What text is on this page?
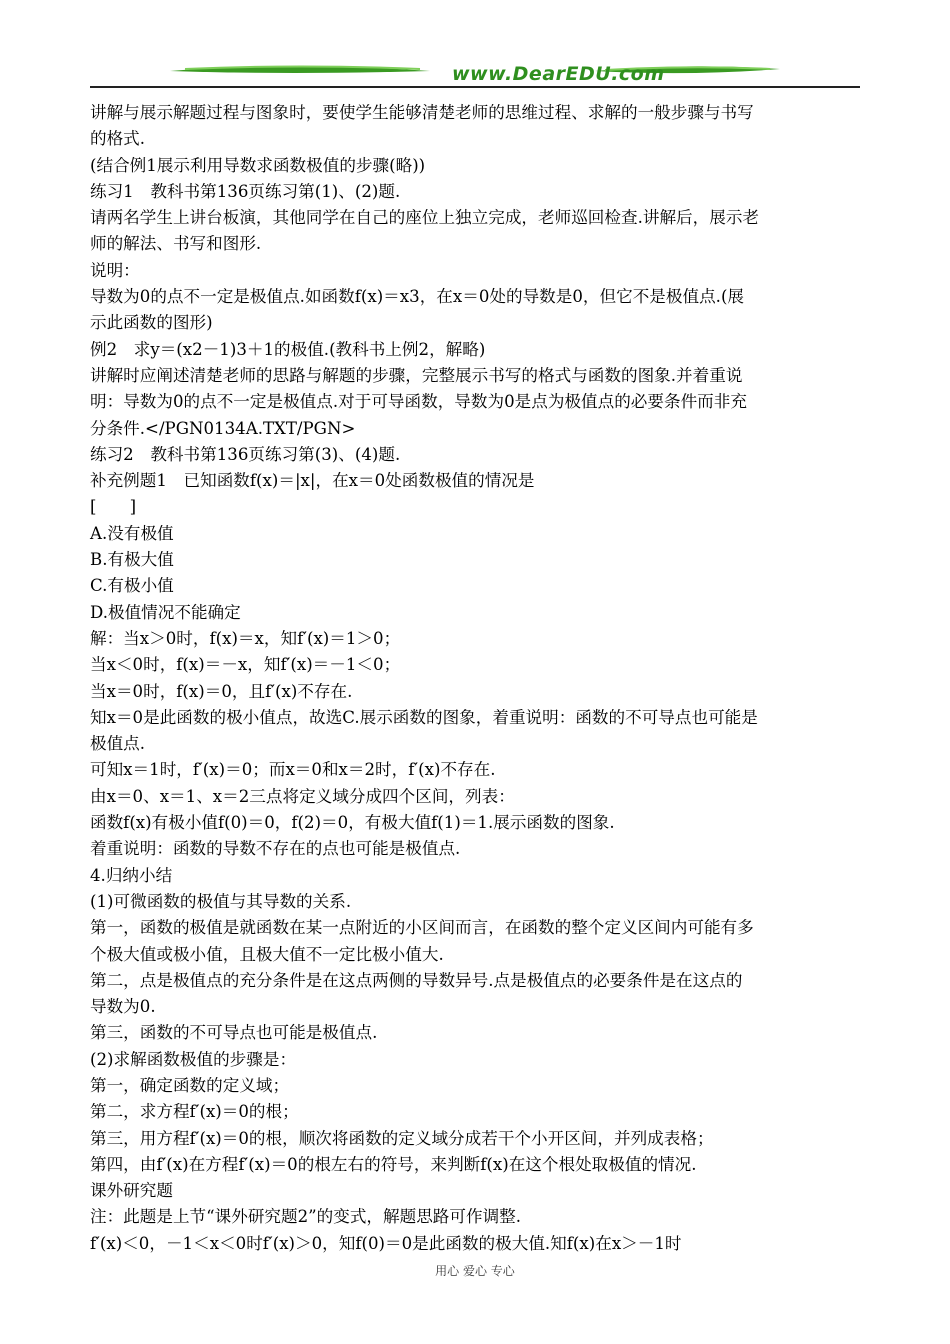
www.DearEDU.com

讲解与展示解题过程与图象时，要使学生能够清楚老师的思维过程、求解的一般步骤与书写

的格式.

(结合例1展示利用导数求函数极值的步骤(略))

练习1　教科书第136页练习第(1)、(2)题.

请两名学生上讲台板演，其他同学在自己的座位上独立完成，老师巡回检查.讲解后，展示老

师的解法、书写和图形.

说明：

导数为0的点不一定是极值点.如函数f(x)＝x3，在x＝0处的导数是0，但它不是极值点.(展

示此函数的图形)

例2　求y＝(x2－1)3＋1的极值.(教科书上例2，解略)

讲解时应阐述清楚老师的思路与解题的步骤，完整展示书写的格式与函数的图象.并着重说

明：导数为0的点不一定是极值点.对于可导函数，导数为0是点为极值点的必要条件而非充

分条件.</PGN0134A.TXT/PGN>

练习2　教科书第136页练习第(3)、(4)题.

补充例题1　已知函数f(x)＝|x|，在x＝0处函数极值的情况是

[　　]

A.没有极值

B.有极大值

C.有极小值

D.极值情况不能确定

解：当x＞0时，f(x)＝x，知f′(x)＝1＞0；

当x＜0时，f(x)＝－x，知f′(x)＝－1＜0；

当x＝0时，f(x)＝0，且f′(x)不存在.

知x＝0是此函数的极小值点，故选C.展示函数的图象，着重说明：函数的不可导点也可能是

极值点.

可知x＝1时，f′(x)＝0；而x＝0和x＝2时，f′(x)不存在.

由x＝0、x＝1、x＝2三点将定义域分成四个区间，列表：

函数f(x)有极小值f(0)＝0，f(2)＝0，有极大值f(1)＝1.展示函数的图象.

着重说明：函数的导数不存在的点也可能是极值点.

4.归纳小结

(1)可微函数的极值与其导数的关系.

第一，函数的极值是就函数在某一点附近的小区间而言，在函数的整个定义区间内可能有多

个极大值或极小值，且极大值不一定比极小值大.

第二，点是极值点的充分条件是在这点两侧的导数异号.点是极值点的必要条件是在这点的

导数为0.

第三，函数的不可导点也可能是极值点.

(2)求解函数极值的步骤是：

第一，确定函数的定义域；

第二，求方程f′(x)＝0的根；

第三，用方程f′(x)＝0的根，顺次将函数的定义域分成若干个小开区间，并列成表格；

第四，由f′(x)在方程f′(x)＝0的根左右的符号，来判断f(x)在这个根处取极值的情况.

课外研究题

注：此题是上节“课外研究题2”的变式，解题思路可作调整.

f′(x)＜0，－1＜x＜0时f′(x)＞0，知f(0)＝0是此函数的极大值.知f(x)在x＞－1时

用心 爱心 专心
